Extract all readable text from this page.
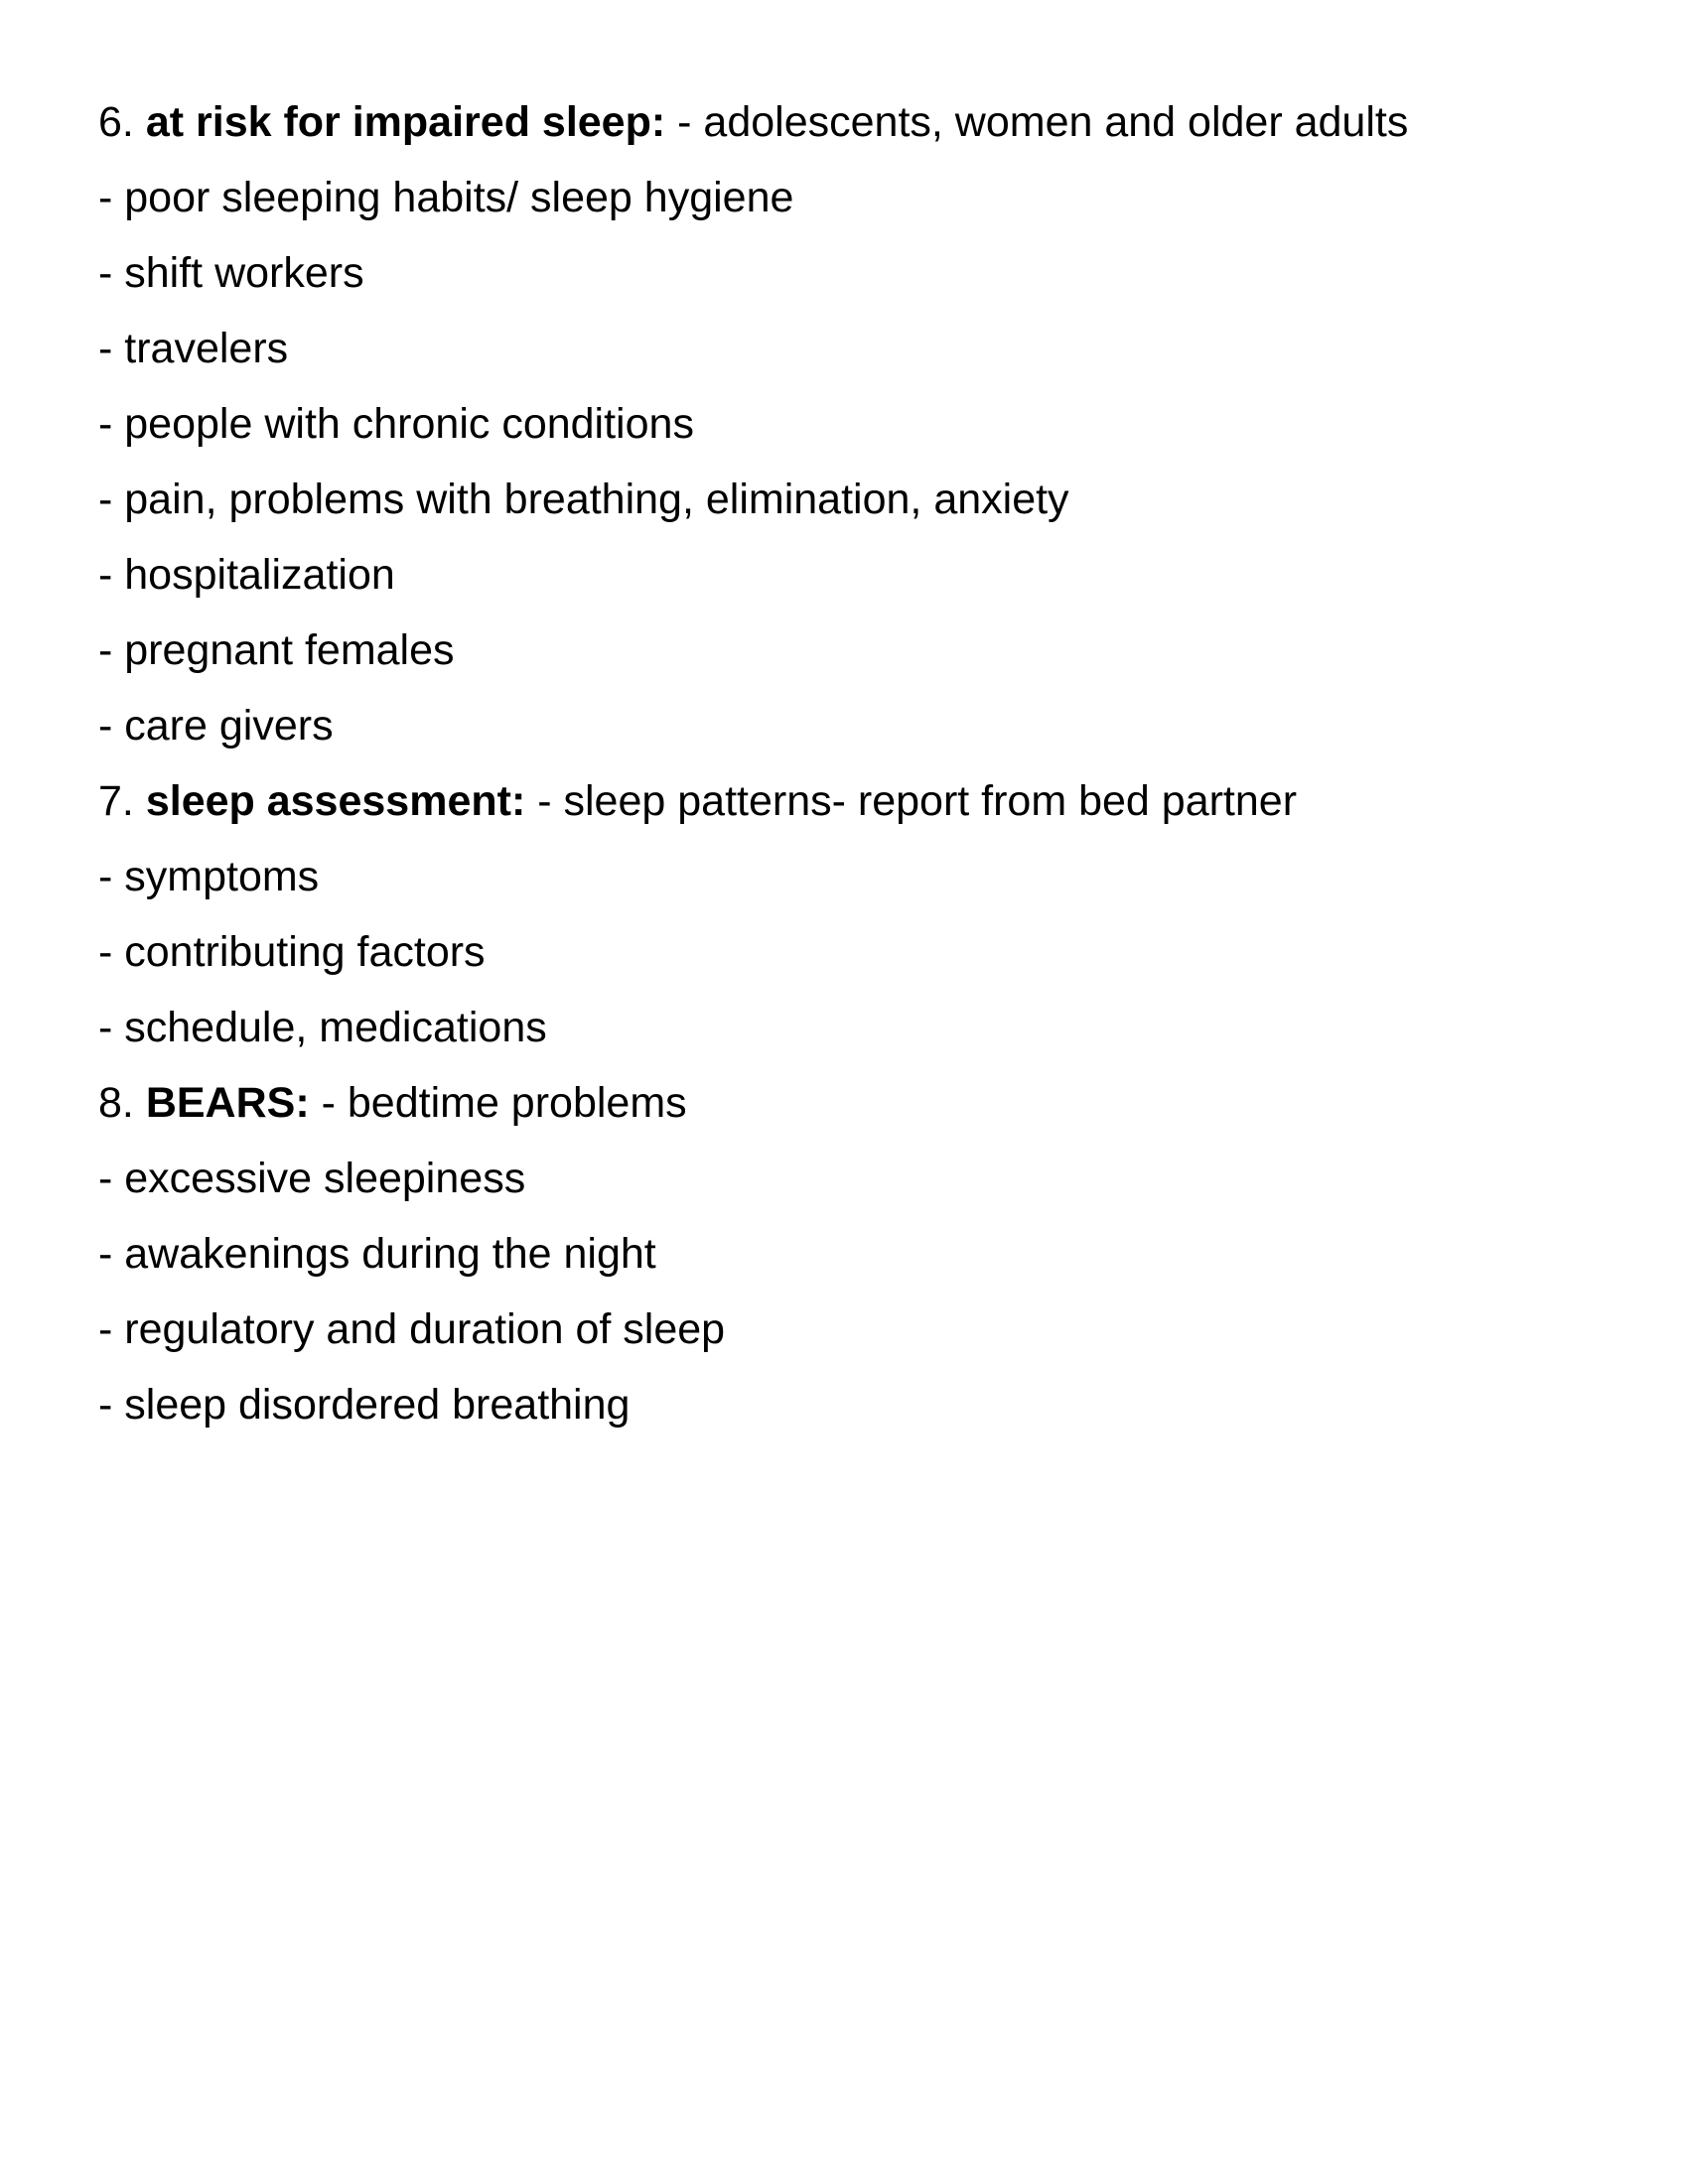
6. at risk for impaired sleep: - adolescents, women and older adults
- poor sleeping habits/ sleep hygiene
- shift workers
- travelers
- people with chronic conditions
- pain, problems with breathing, elimination, anxiety
- hospitalization
- pregnant females
- care givers
7. sleep assessment: - sleep patterns- report from bed partner
- symptoms
- contributing factors
- schedule, medications
8. BEARS: - bedtime problems
- excessive sleepiness
- awakenings during the night
- regulatory and duration of sleep
- sleep disordered breathing
